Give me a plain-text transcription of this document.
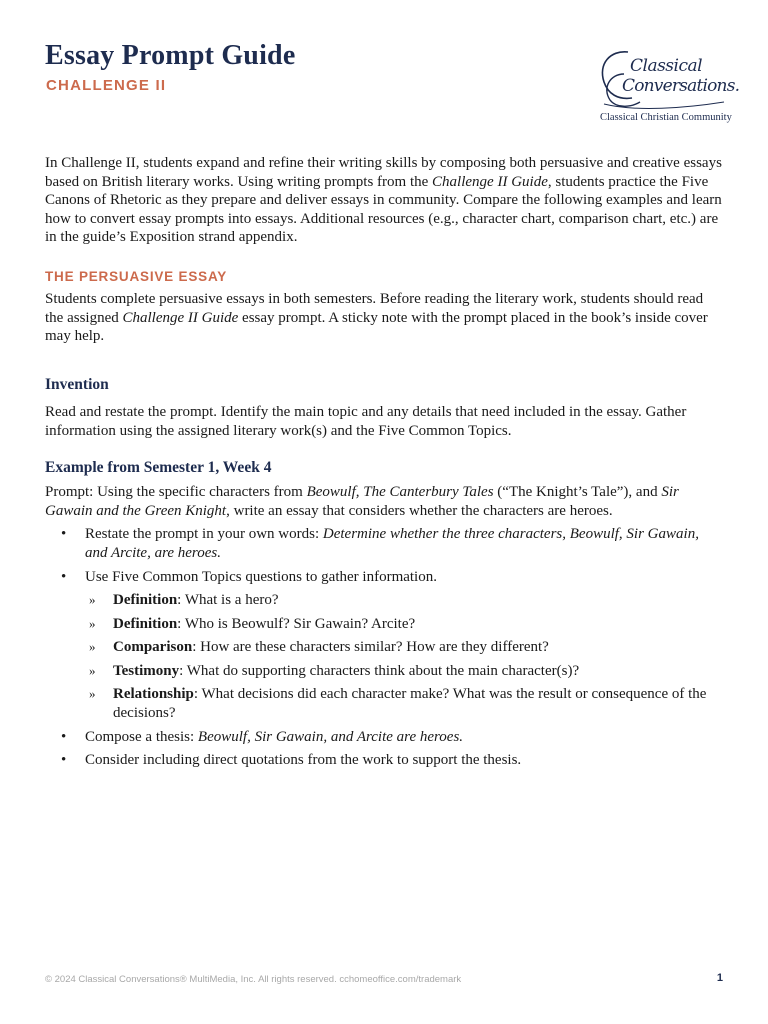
Essay Prompt Guide
CHALLENGE II
Classical
Conversations.
Classical Christian Community

In Challenge II, students expand and refine their writing skills by composing both persuasive and creative essays based on British literary works. Using writing prompts from the Challenge II Guide, students practice the Five Canons of Rhetoric as they prepare and deliver essays in community. Compare the following examples and learn how to convert essay prompts into essays. Additional resources (e.g., character chart, comparison chart, etc.) are in the guide’s Exposition strand appendix.

THE PERSUASIVE ESSAY

Students complete persuasive essays in both semesters. Before reading the literary work, students should read the assigned Challenge II Guide essay prompt. A sticky note with the prompt placed in the book’s inside cover may help.

Invention

Read and restate the prompt. Identify the main topic and any details that need included in the essay. Gather information using the assigned literary work(s) and the Five Common Topics.

Example from Semester 1, Week 4

Prompt: Using the specific characters from Beowulf, The Canterbury Tales (“The Knight’s Tale”), and Sir Gawain and the Green Knight, write an essay that considers whether the characters are heroes.

• Restate the prompt in your own words: Determine whether the three characters, Beowulf, Sir Gawain, and Arcite, are heroes.
• Use Five Common Topics questions to gather information.
» Definition: What is a hero?
» Definition: Who is Beowulf? Sir Gawain? Arcite?
» Comparison: How are these characters similar? How are they different?
» Testimony: What do supporting characters think about the main character(s)?
» Relationship: What decisions did each character make? What was the result or consequence of the decisions?
• Compose a thesis: Beowulf, Sir Gawain, and Arcite are heroes.
• Consider including direct quotations from the work to support the thesis.
© 2024 Classical Conversations® MultiMedia, Inc. All rights reserved. cchomeoffice.com/trademark	1
